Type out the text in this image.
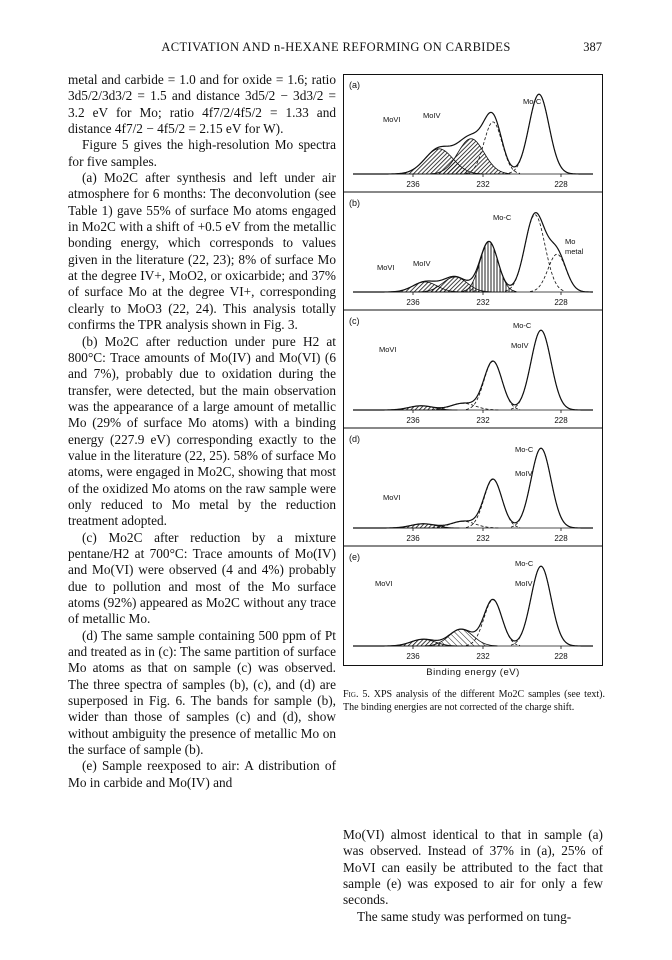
ACTIVATION AND n-HEXANE REFORMING ON CARBIDES	387

metal and carbide = 1.0 and for oxide = 1.6; ratio 3d5/2/3d3/2 = 1.5 and distance 3d5/2 − 3d3/2 = 3.2 eV for Mo; ratio 4f7/2/4f5/2 = 1.33 and distance 4f7/2 − 4f5/2 = 2.15 eV for W).

Figure 5 gives the high-resolution Mo spectra for five samples.

(a) Mo2C after synthesis and left under air atmosphere for 6 months: The deconvolution (see Table 1) gave 55% of surface Mo atoms engaged in Mo2C with a shift of +0.5 eV from the metallic bonding energy, which corresponds to values given in the literature (22, 23); 8% of surface Mo at the degree IV+, MoO2, or oxicarbide; and 37% of surface Mo at the degree VI+, corresponding clearly to MoO3 (22, 24). This analysis totally confirms the TPR analysis shown in Fig. 3.

(b) Mo2C after reduction under pure H2 at 800°C: Trace amounts of Mo(IV) and Mo(VI) (6 and 7%), probably due to oxidation during the transfer, were detected, but the main observation was the appearance of a large amount of metallic Mo (29% of surface Mo atoms) with a binding energy (227.9 eV) corresponding exactly to the value in the literature (22, 25). 58% of surface Mo atoms, were engaged in Mo2C, showing that most of the oxidized Mo atoms on the raw sample were only reduced to Mo metal by the reduction treatment adopted.

(c) Mo2C after reduction by a mixture pentane/H2 at 700°C: Trace amounts of Mo(IV) and Mo(VI) were observed (4 and 4%) probably due to pollution and most of the Mo surface atoms (92%) appeared as Mo2C without any trace of metallic Mo.

(d) The same sample containing 500 ppm of Pt and treated as in (c): The same partition of surface Mo atoms as that on sample (c) was observed. The three spectra of samples (b), (c), and (d) are superposed in Fig. 6. The bands for sample (b), wider than those of samples (c) and (d), show without ambiguity the presence of metallic Mo on the surface of sample (b).

(e) Sample reexposed to air: A distribution of Mo in carbide and Mo(IV) and

(a)
MoVI	MoIV
Mo-C
236	232	228
(b)
MoVI MoIV
Mo-C
Mo
metal
236	232	228
(c)
MoVI	MoIV
Mo-C
236	232	228
(d)
MoVI
MoIV
Mo-C
236	232	228
(e)
MoVI	MoIV
Mo-C
236	232	228
Binding energy (eV)
Fig. 5. XPS analysis of the different Mo2C samples (see text). The binding energies are not corrected of the charge shift.

Mo(VI) almost identical to that in sample (a) was observed. Instead of 37% in (a), 25% of MoVI can easily be attributed to the fact that sample (e) was exposed to air for only a few seconds.

The same study was performed on tung-
